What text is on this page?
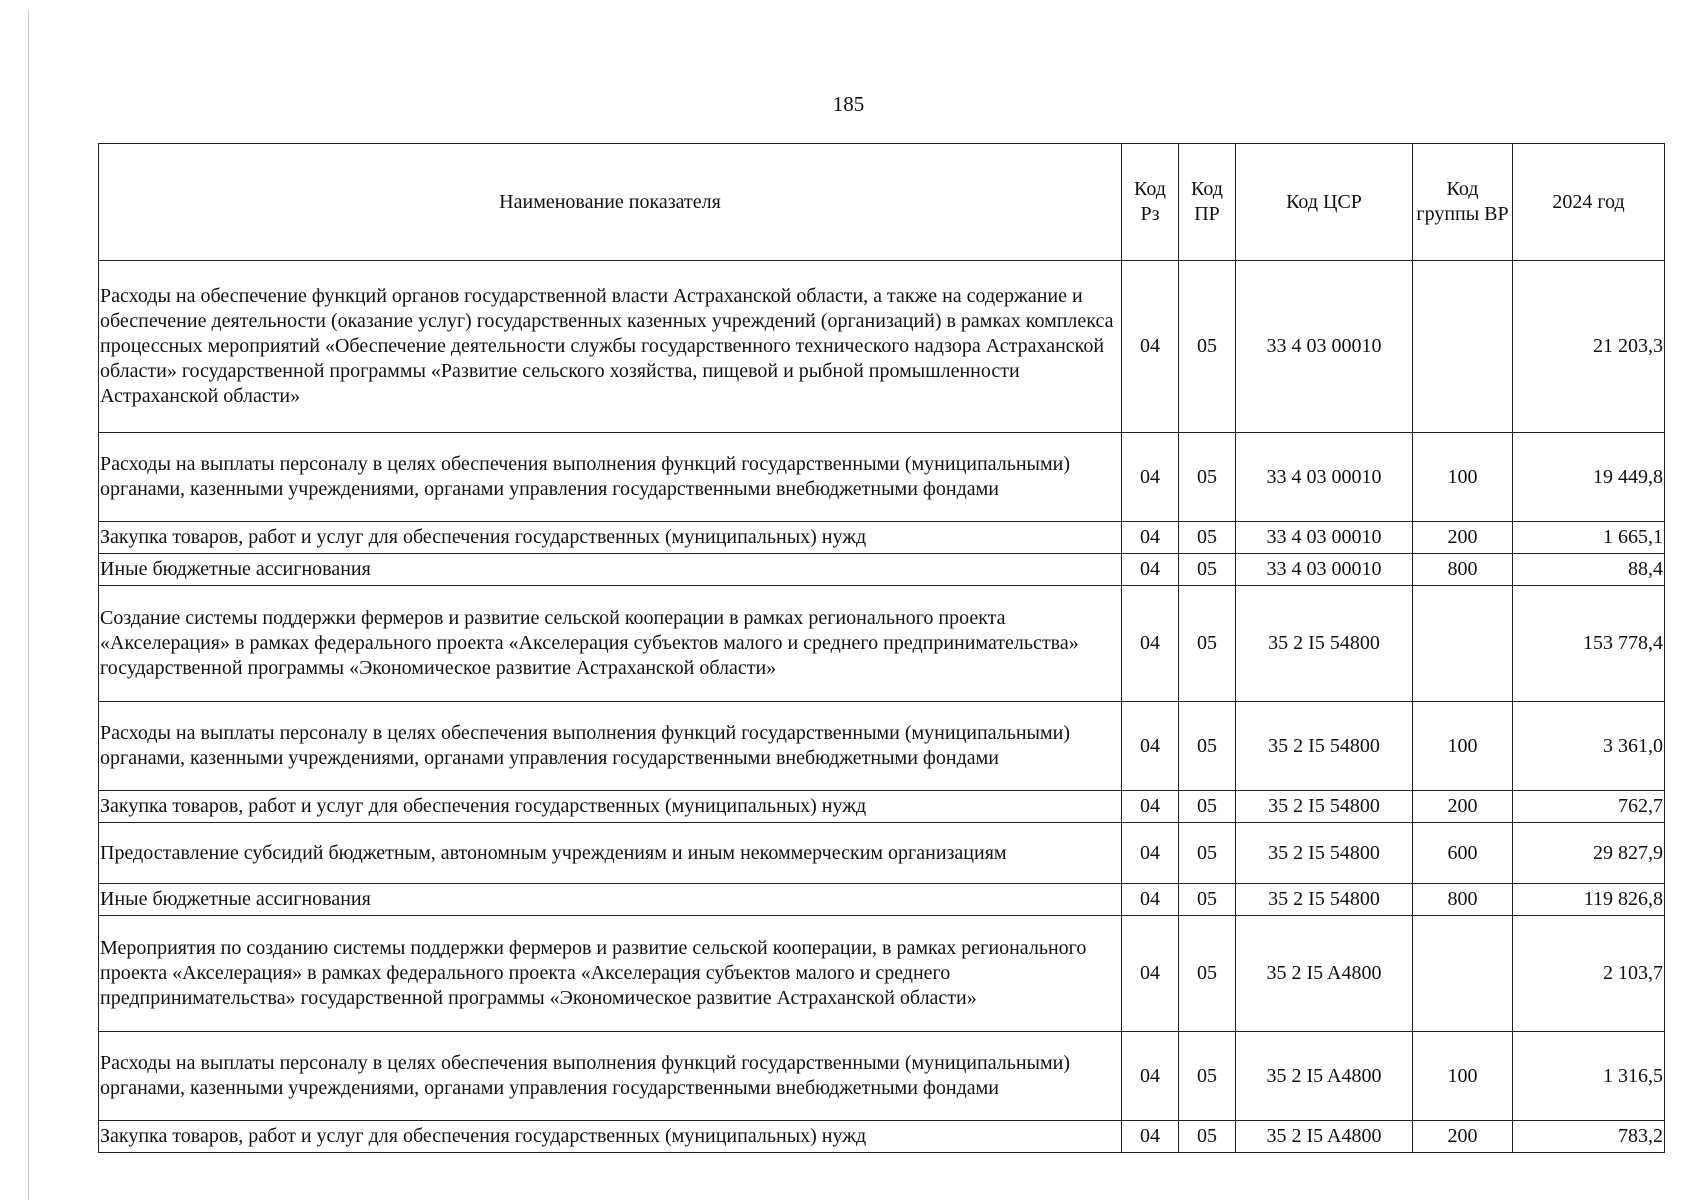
185
Наименование показателя	Код Рз	Код ПР	Код ЦСР	Код группы ВР	2024 год
Расходы на обеспечение функций органов государственной власти Астраханской области, а также на содержание и обеспечение деятельности (оказание услуг) государственных казенных учреждений (организаций) в рамках комплекса процессных мероприятий «Обеспечение деятельности службы государственного технического надзора Астраханской области» государственной программы «Развитие сельского хозяйства, пищевой и рыбной промышленности Астраханской области»	04	05	33 4 03 00010		21 203,3
Расходы на выплаты персоналу в целях обеспечения выполнения функций государственными (муниципальными) органами, казенными учреждениями, органами управления государственными внебюджетными фондами	04	05	33 4 03 00010	100	19 449,8
Закупка товаров, работ и услуг для обеспечения государственных (муниципальных) нужд	04	05	33 4 03 00010	200	1 665,1
Иные бюджетные ассигнования	04	05	33 4 03 00010	800	88,4
Создание системы поддержки фермеров и развитие сельской кооперации в рамках регионального проекта «Акселерация» в рамках федерального проекта «Акселерация субъектов малого и среднего предпринимательства» государственной программы «Экономическое развитие Астраханской области»	04	05	35 2 I5 54800		153 778,4
Расходы на выплаты персоналу в целях обеспечения выполнения функций государственными (муниципальными) органами, казенными учреждениями, органами управления государственными внебюджетными фондами	04	05	35 2 I5 54800	100	3 361,0
Закупка товаров, работ и услуг для обеспечения государственных (муниципальных) нужд	04	05	35 2 I5 54800	200	762,7
Предоставление субсидий бюджетным, автономным учреждениям и иным некоммерческим организациям	04	05	35 2 I5 54800	600	29 827,9
Иные бюджетные ассигнования	04	05	35 2 I5 54800	800	119 826,8
Мероприятия по созданию системы поддержки фермеров и развитие сельской кооперации, в рамках регионального проекта «Акселерация» в рамках федерального проекта «Акселерация субъектов малого и среднего предпринимательства» государственной программы «Экономическое развитие Астраханской области»	04	05	35 2 I5 A4800		2 103,7
Расходы на выплаты персоналу в целях обеспечения выполнения функций государственными (муниципальными) органами, казенными учреждениями, органами управления государственными внебюджетными фондами	04	05	35 2 I5 A4800	100	1 316,5
Закупка товаров, работ и услуг для обеспечения государственных (муниципальных) нужд	04	05	35 2 I5 A4800	200	783,2
